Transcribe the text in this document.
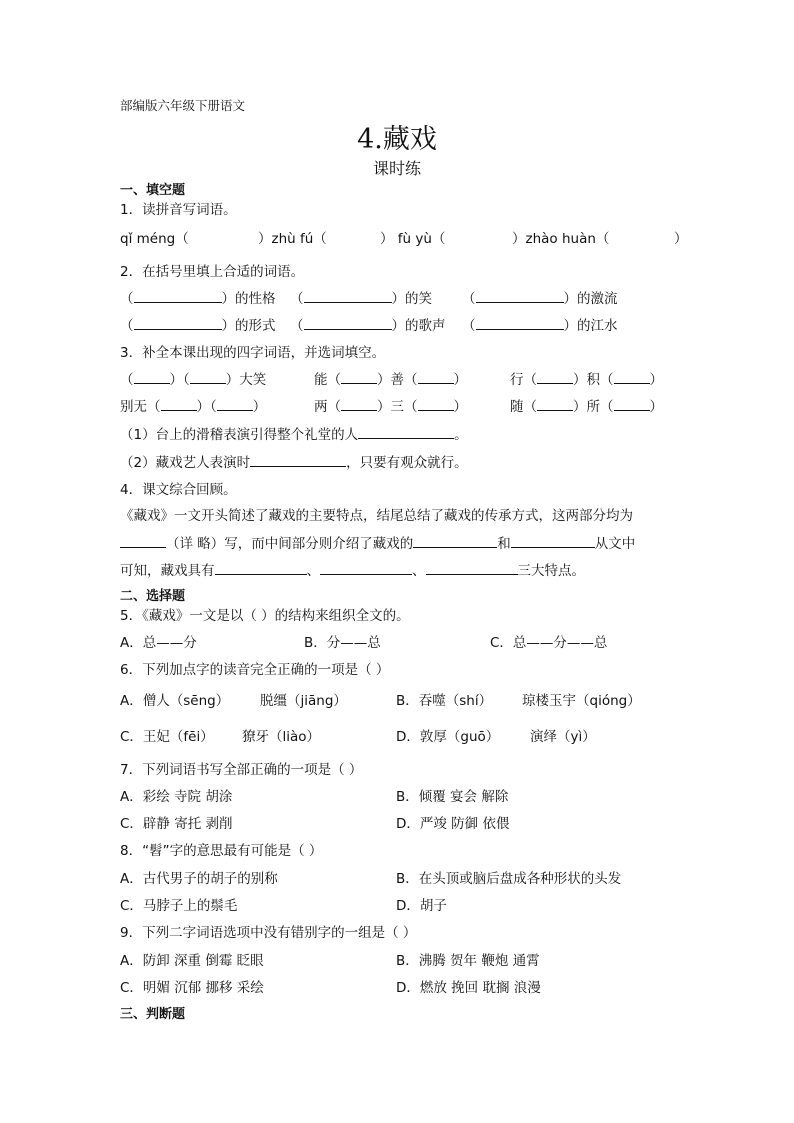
部编版六年级下册语文
4.藏戏
课时练
一、填空题
1．读拼音写词语。
qǐ méng（	）zhù fú（	） fù yù（	）zhào huàn（	）
2．在括号里填上合适的词语。
（	）的性格 （	）的笑 （	）的激流
（	）的形式 （	）的歌声 （	）的江水
3．补全本课出现的四字词语，并选词填空。
（	）（	）大笑	能（	）善（	）	行（	）积（	）
别无（	）（	）	两（	）三（	）	随（	）所（	）
（1）台上的滑稽表演引得整个礼堂的人	。
（2）藏戏艺人表演时	，只要有观众就行。
4．课文综合回顾。
《藏戏》一文开头简述了藏戏的主要特点，结尾总结了藏戏的传承方式，这两部分均为
（详 略）写，而中间部分则介绍了藏戏的	和	从文中
可知，藏戏具有	、	、	三大特点。
二、选择题
5．《藏戏》一文是以（ ）的结构来组织全文的。
A．总——分	B．分——总	C．总——分——总
6．下列加点字的读音完全正确的一项是（ ）
A．僧人（sēng） 脱缰（jiāng）	B．吞噬（shí） 琼楼玉宇（qióng）
C．王妃（fēi） 獠牙（liào）	D．敦厚（guō） 演绎（yì）
7．下列词语书写全部正确的一项是（ ）
A．彩绘 寺院 胡涂	B．倾覆 宴会 解除
C．辟静 寄托 剥削	D．严竣 防御 依偎
8．“髫”字的意思最有可能是（ ）
A．古代男子的胡子的别称	B．在头顶或脑后盘成各种形状的头发
C．马脖子上的鬃毛	D．胡子
9．下列二字词语选项中没有错别字的一组是（ ）
A．防卸 深重 倒霉 眨眼	B．沸腾 贺年 鞭炮 通霄
C．明媚 沉郁 挪移 采绘	D．燃放 挽回 耽搁 浪漫
三、判断题
